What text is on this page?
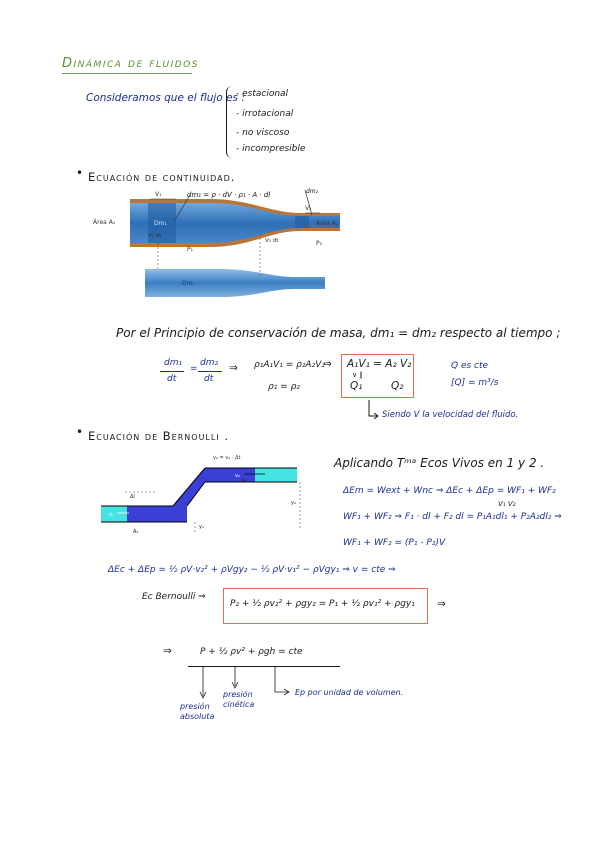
Dinámica de fluidos
Consideramos que el flujo es :
- estacional
- irrotacional
- no viscoso
- incompresible
• Ecuación de continuidad.
Área A₁	Área A₂
V₁
V₂
P₁
P₂
Dm₁
V₁ dt
V₂ dt
Dm₁
dm₁ = ρ · dV · ρ₁ · A · dl	dm₂
Por el Principio de conservación de masa, dm₁ = dm₂ respecto al tiempo ;
dm₁
dt
=
dm₂
dt
⇒ ρ₁A₁V₁ = ρ₂A₂V₂
ρ₁ = ρ₂
⇒ A₁V₁ = A₂ V₂
∨ ∥
Q₁	Q₂
Q es cte
[Q] = m³/s
Siendo V la velocidad del fluido.
• Ecuación de Bernoulli .
v₂ = v₂ · Δt
A₂
A₁
Δl
y₁
y₂
v₁
v₂
Aplicando Tᵐᵃ Ecos Vivos en 1 y 2 .
ΔEm = Wext + Wnc ⇒ ΔEc + ΔEp = WF₁ + WF₂
V₁ V₂
WF₁ + WF₂ ⇒ F₁ · dl + F₂ dl = P₁A₁dl₁ + P₂A₂dl₂ ⇒
WF₁ + WF₂ = (P₁ - P₂)V
ΔEc + ΔEp = ½ ρV·v₂² + ρVgy₂ − ½ ρV·v₁² − ρVgy₁ ⇒ v = cte ⇒
Ec Bernoulli ⇒
P₂ + ½ ρv₂² + ρgy₂ = P₁ + ½ ρv₁² + ρgy₁ ⇒
⇒	P + ½ ρv² + ρgh = cte
presión absoluta
presión cinética
Ep por unidad de volumen.
